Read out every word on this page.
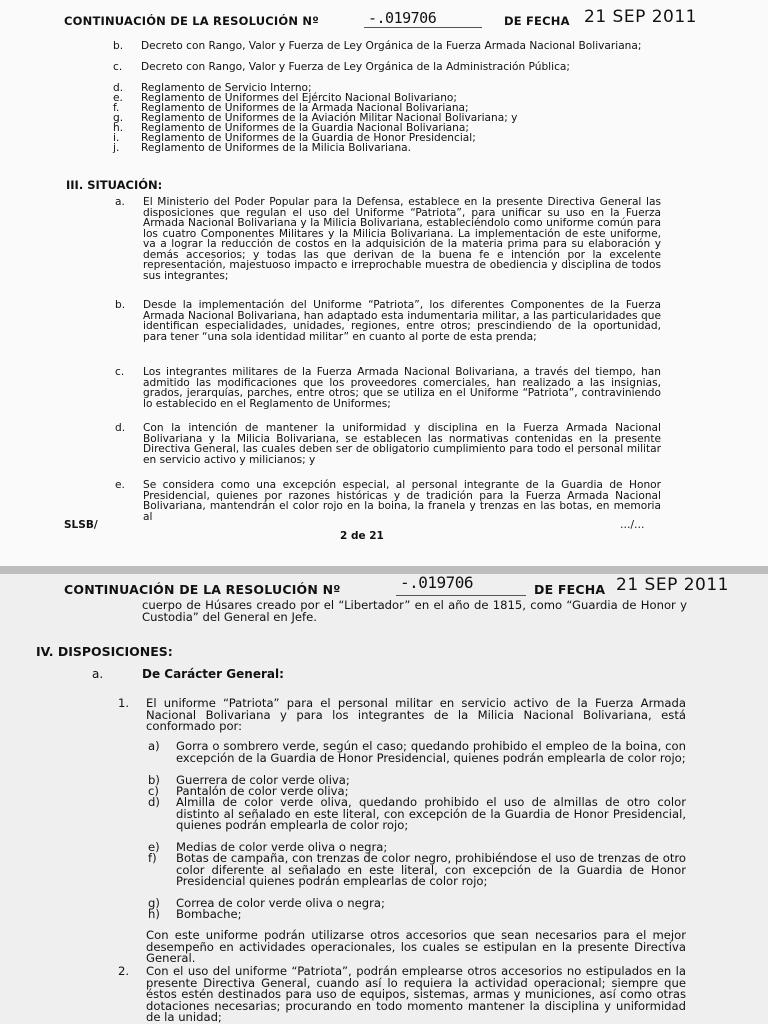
CONTINUACIÓN DE LA RESOLUCIÓN Nº	-.019706	DE FECHA 21 SEP 2011
b. Decreto con Rango, Valor y Fuerza de Ley Orgánica de la Fuerza Armada Nacional Bolivariana;
c. Decreto con Rango, Valor y Fuerza de Ley Orgánica de la Administración Pública;
d. Reglamento de Servicio Interno;
e. Reglamento de Uniformes del Ejército Nacional Bolivariano;
f. Reglamento de Uniformes de la Armada Nacional Bolivariana;
g. Reglamento de Uniformes de la Aviación Militar Nacional Bolivariana; y
h. Reglamento de Uniformes de la Guardia Nacional Bolivariana;
i. Reglamento de Uniformes de la Guardia de Honor Presidencial;
j. Reglamento de Uniformes de la Milicia Bolivariana.
III. SITUACIÓN:
a. El Ministerio del Poder Popular para la Defensa, establece en la presente Directiva General las disposiciones que regulan el uso del Uniforme “Patriota”, para unificar su uso en la Fuerza Armada Nacional Bolivariana y la Milicia Bolivariana, estableciéndolo como uniforme común para los cuatro Componentes Militares y la Milicia Bolivariana. La implementación de este uniforme, va a lograr la reducción de costos en la adquisición de la materia prima para su elaboración y demás accesorios; y todas las que derivan de la buena fe e intención por la excelente representación, majestuoso impacto e irreprochable muestra de obediencia y disciplina de todos sus integrantes;
b. Desde la implementación del Uniforme “Patriota”, los diferentes Componentes de la Fuerza Armada Nacional Bolivariana, han adaptado esta indumentaria militar, a las particularidades que identifican especialidades, unidades, regiones, entre otros; prescindiendo de la oportunidad, para tener “una sola identidad militar” en cuanto al porte de esta prenda;
c. Los integrantes militares de la Fuerza Armada Nacional Bolivariana, a través del tiempo, han admitido las modificaciones que los proveedores comerciales, han realizado a las insignias, grados, jerarquías, parches, entre otros; que se utiliza en el Uniforme “Patriota”, contraviniendo lo establecido en el Reglamento de Uniformes;
d. Con la intención de mantener la uniformidad y disciplina en la Fuerza Armada Nacional Bolivariana y la Milicia Bolivariana, se establecen las normativas contenidas en la presente Directiva General, las cuales deben ser de obligatorio cumplimiento para todo el personal militar en servicio activo y milicianos; y
e. Se considera como una excepción especial, al personal integrante de la Guardia de Honor Presidencial, quienes por razones históricas y de tradición para la Fuerza Armada Nacional Bolivariana, mantendrán el color rojo en la boina, la franela y trenzas en las botas, en memoria al
SLSB/	…/…
2 de 21
CONTINUACIÓN DE LA RESOLUCIÓN Nº	-.019706	DE FECHA 21 SEP 2011
cuerpo de Húsares creado por el “Libertador” en el año de 1815, como “Guardia de Honor y Custodia” del General en Jefe.
IV. DISPOSICIONES:
a.	De Carácter General:
1. El uniforme “Patriota” para el personal militar en servicio activo de la Fuerza Armada Nacional Bolivariana y para los integrantes de la Milicia Nacional Bolivariana, está conformado por:
a) Gorra o sombrero verde, según el caso; quedando prohibido el empleo de la boina, con excepción de la Guardia de Honor Presidencial, quienes podrán emplearla de color rojo;
b) Guerrera de color verde oliva;
c) Pantalón de color verde oliva;
d) Almilla de color verde oliva, quedando prohibido el uso de almillas de otro color distinto al señalado en este literal, con excepción de la Guardia de Honor Presidencial, quienes podrán emplearla de color rojo;
e) Medias de color verde oliva o negra;
f) Botas de campaña, con trenzas de color negro, prohibiéndose el uso de trenzas de otro color diferente al señalado en este literal, con excepción de la Guardia de Honor Presidencial quienes podrán emplearlas de color rojo;
g) Correa de color verde oliva o negra;
h) Bombache;
Con este uniforme podrán utilizarse otros accesorios que sean necesarios para el mejor desempeño en actividades operacionales, los cuales se estipulan en la presente Directiva General.
2. Con el uso del uniforme “Patriota”, podrán emplearse otros accesorios no estipulados en la presente Directiva General, cuando así lo requiera la actividad operacional; siempre que éstos estén destinados para uso de equipos, sistemas, armas y municiones, así como otras dotaciones necesarias; procurando en todo momento mantener la disciplina y uniformidad de la unidad;
